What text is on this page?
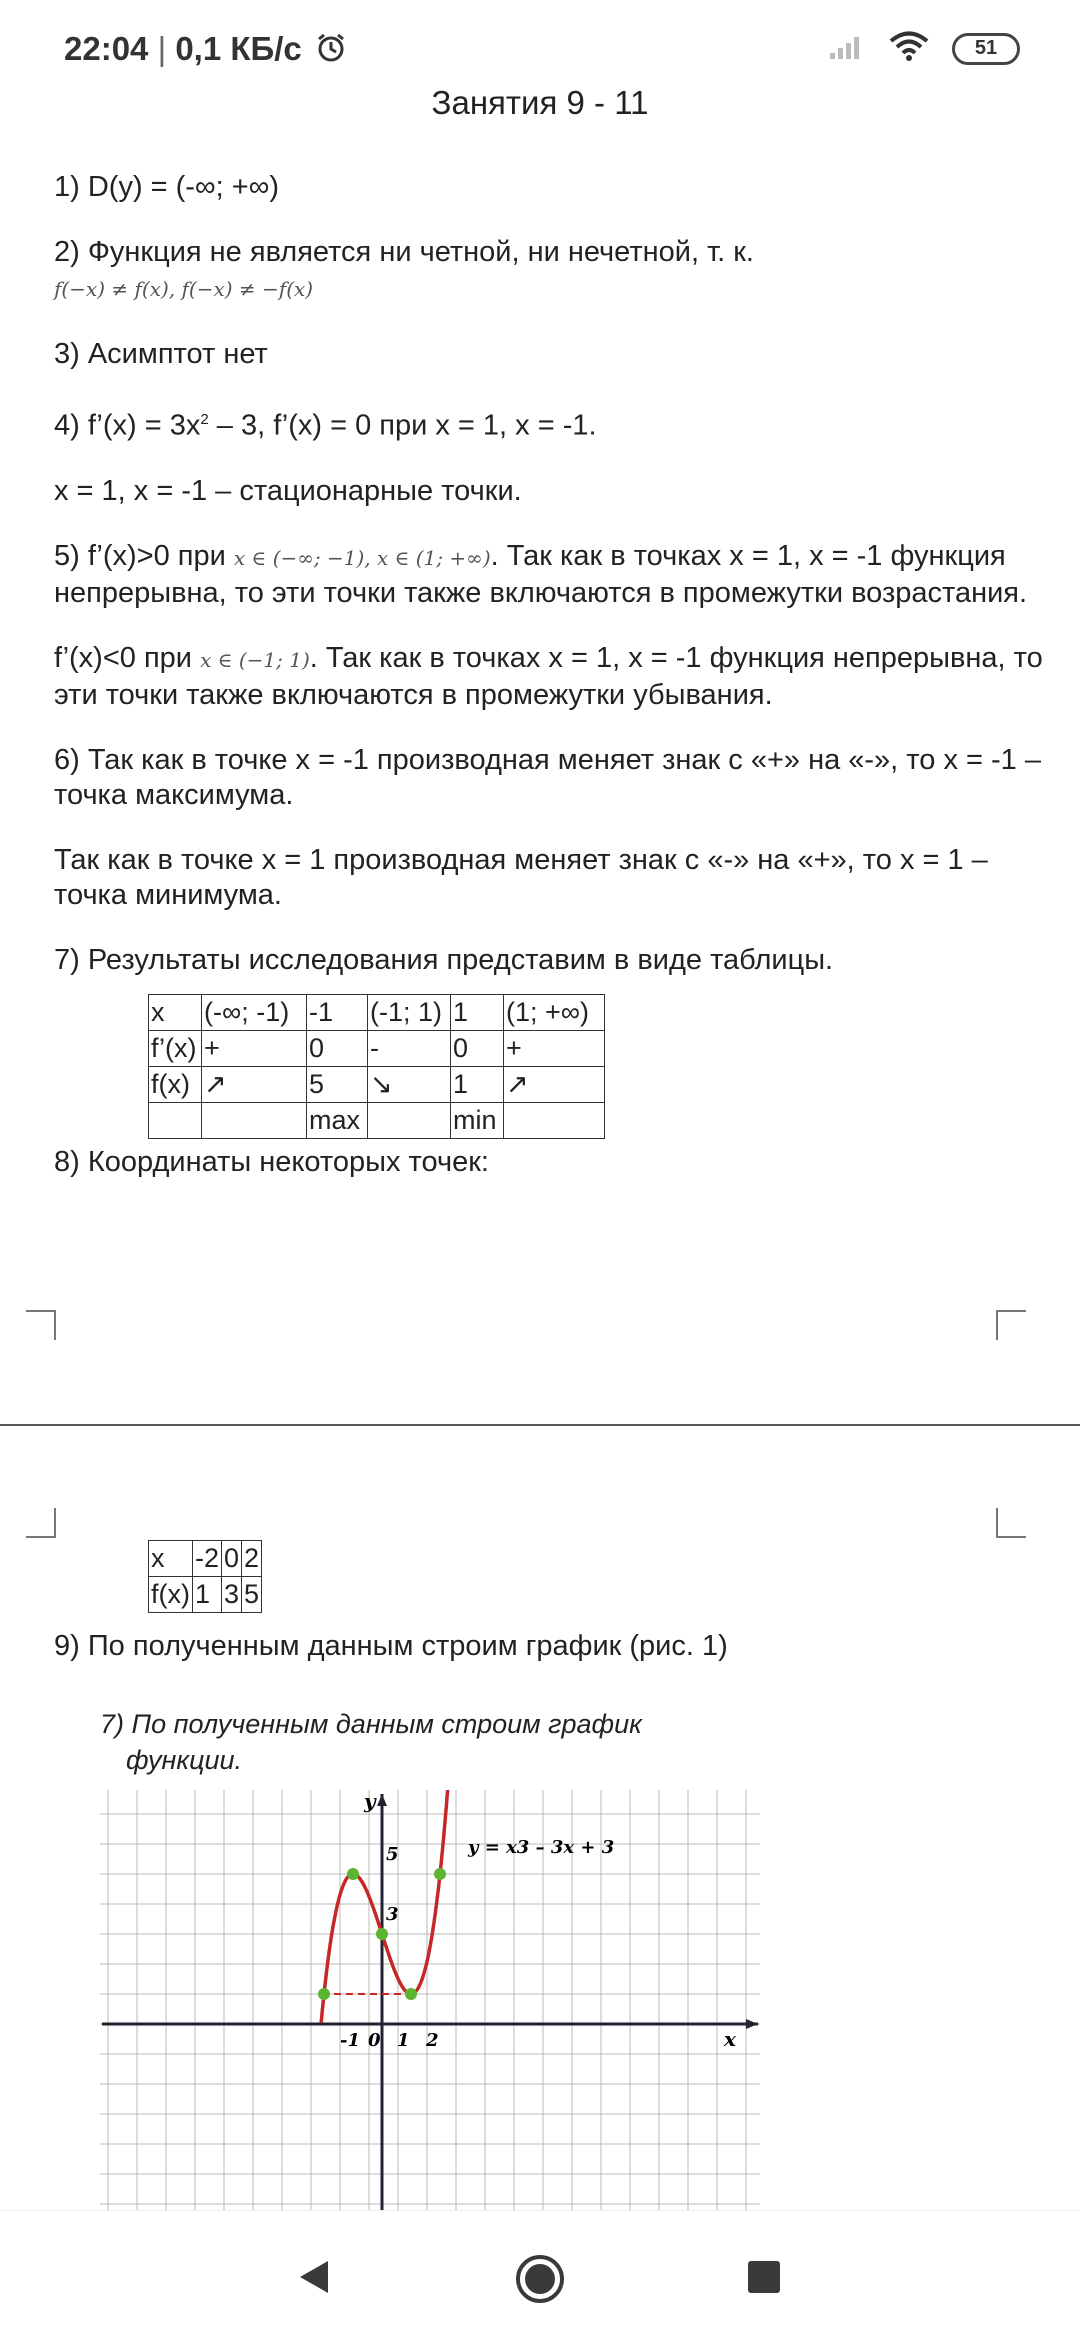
22:04 | 0,1 КБ/с	51
Занятия 9 - 11

1) D(y) = (-∞; +∞)

2) Функция не является ни четной, ни нечетной, т. к.

f(−x) ≠ f(x), f(−x) ≠ −f(x)

3) Асимптот нет

4) f’(x) = $3x^2 - 3$, f’(x) = 0 при x = 1, x = -1.

x = 1, x = -1 – стационарные точки.

5) f’(x)>0 при x ∈ (−∞; −1), x ∈ (1; +∞). Так как в точках x = 1, x = -1 функция непрерывна, то эти точки также включаются в промежутки возрастания.

f’(x)<0 при x ∈ (−1; 1). Так как в точках x = 1, x = -1 функция непрерывна, то эти точки также включаются в промежутки убывания.

6) Так как в точке x = -1 производная меняет знак с «+» на «-», то x = -1 – точка максимума.

Так как в точке x = 1 производная меняет знак с «-» на «+», то x = 1 – точка минимума.

7) Результаты исследования представим в виде таблицы.

x	(-∞; -1)	-1	(-1; 1)	1	(1; +∞)
f’(x)	+	0	-	0	+
f(x)	↗	5	↘	1	↗
		max		min	

8) Координаты некоторых точек:

x	-2	0	2
f(x)	1	3	5

9) По полученным данным строим график (рис. 1)

7) По полученным данным строим график
функции.
y
x
-1 0 1 2
5
3
y = x3 – 3x + 3
